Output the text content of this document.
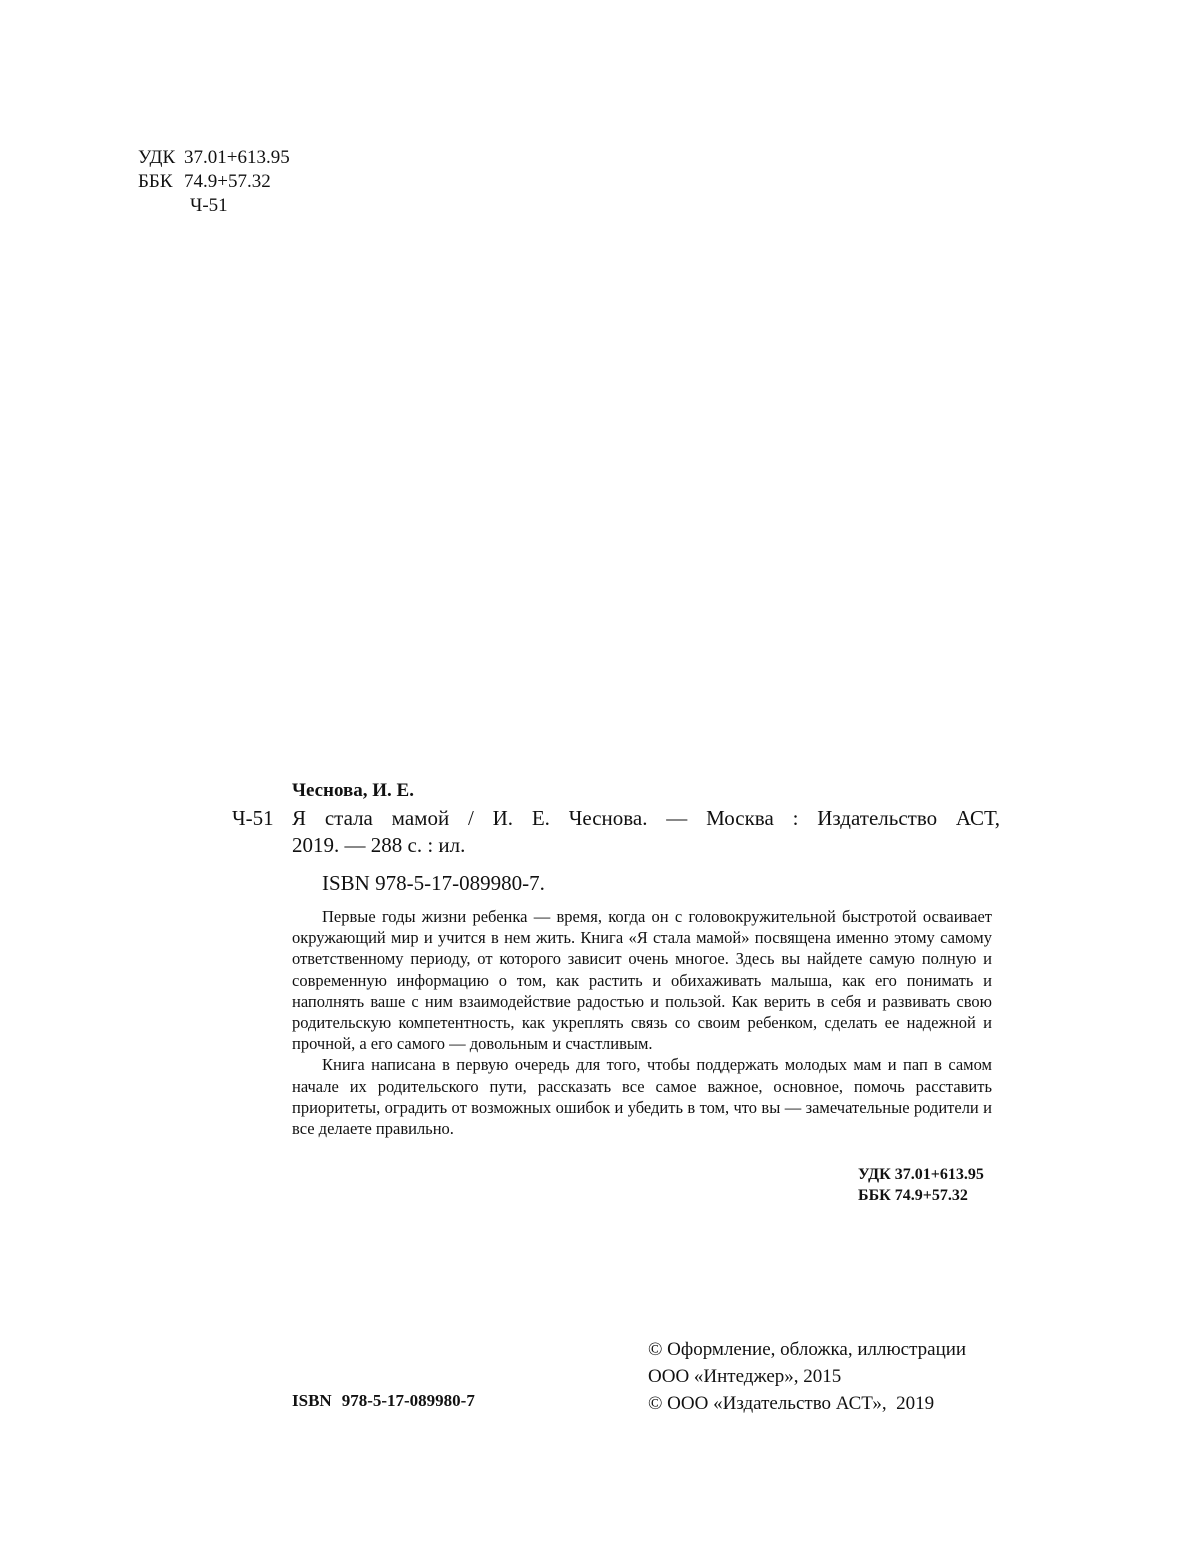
УДК 37.01+613.95
ББК 74.9+57.32
Ч-51
Чеснова, И. Е.
Ч-51 Я стала мамой / И. Е. Чеснова. — Москва : Издательство АСТ,
2019. — 288 с. : ил.
ISBN 978-5-17-089980-7.

Первые годы жизни ребенка — время, когда он с головокружительной быстротой осваивает окружающий мир и учится в нем жить. Книга «Я стала мамой» посвящена именно этому самому ответственному периоду, от которого зависит очень многое. Здесь вы найдете самую полную и современную информацию о том, как растить и обихаживать малыша, как его понимать и наполнять ваше с ним взаимодействие радостью и пользой. Как верить в себя и развивать свою родительскую компетентность, как укреплять связь со своим ребенком, сделать ее надежной и прочной, а его самого — довольным и счастливым.

Книга написана в первую очередь для того, чтобы поддержать молодых мам и пап в самом начале их родительского пути, рассказать все самое важное, основное, помочь расставить приоритеты, оградить от возможных ошибок и убедить в том, что вы — замечательные родители и все делаете правильно.

УДК 37.01+613.95
ББК 74.9+57.32
ISBN 978-5-17-089980-7
© Оформление, обложка, иллюстрации
ООО «Интеджер», 2015
© ООО «Издательство АСТ»,  2019
